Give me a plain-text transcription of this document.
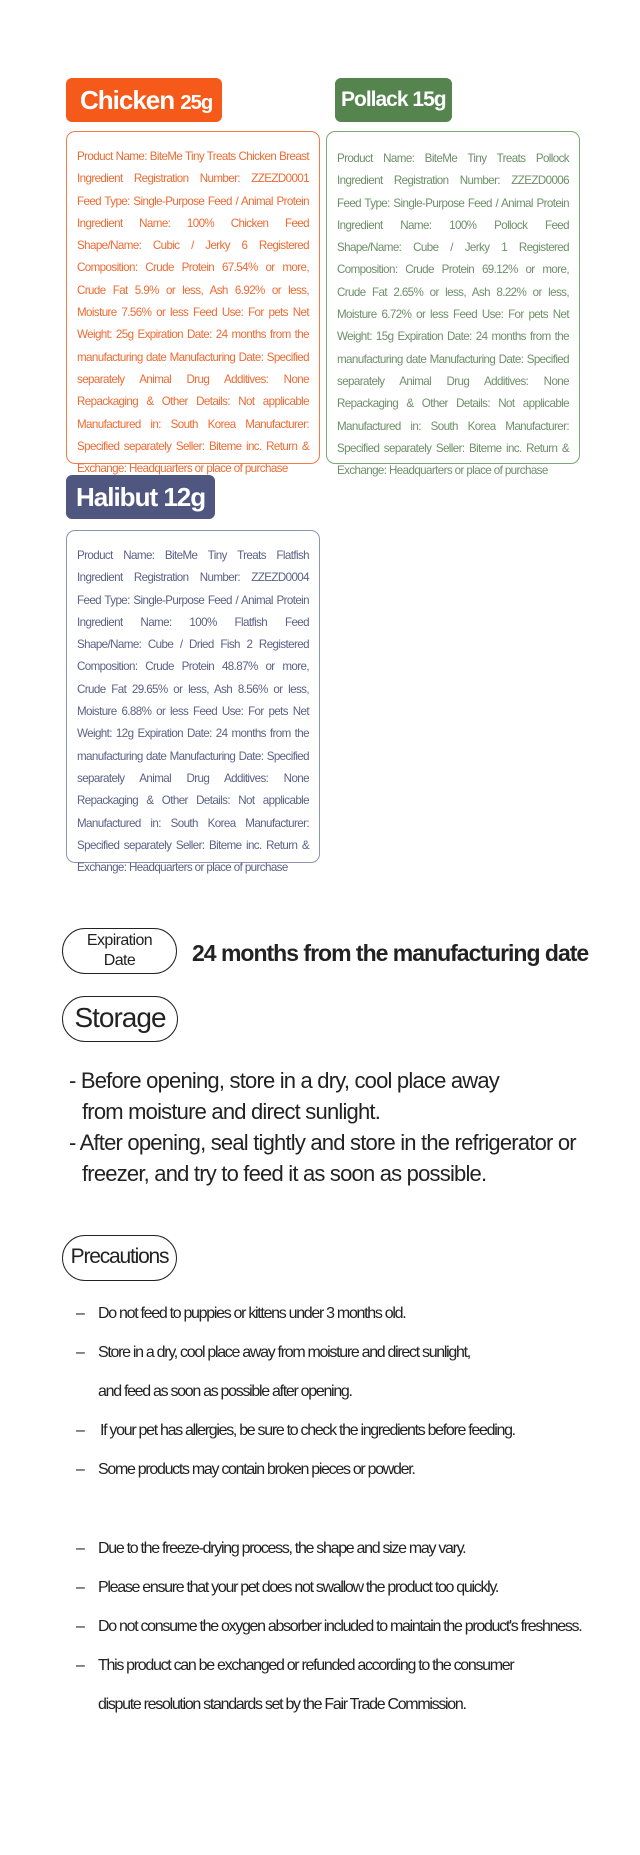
Chicken 25g	Pollack 15g
Halibut 12g

Product Name: BiteMe Tiny Treats Chicken Breast Ingredient Registration Number: ZZEZD0001 Feed Type: Single-Purpose Feed / Animal Protein Ingredient Name: 100% Chicken Feed Shape/Name: Cubic / Jerky 6 Registered Composition: Crude Protein 67.54% or more, Crude Fat 5.9% or less, Ash 6.92% or less, Moisture 7.56% or less Feed Use: For pets Net Weight: 25g Expiration Date: 24 months from the manufacturing date Manufacturing Date: Specified separately Animal Drug Additives: None Repackaging & Other Details: Not applicable Manufactured in: South Korea Manufacturer: Specified separately Seller: Biteme inc. Return & Exchange: Headquarters or place of purchase

Product Name: BiteMe Tiny Treats Pollock Ingredient Registration Number: ZZEZD0006 Feed Type: Single-Purpose Feed / Animal Protein Ingredient Name: 100% Pollock Feed Shape/Name: Cube / Jerky 1 Registered Composition: Crude Protein 69.12% or more, Crude Fat 2.65% or less, Ash 8.22% or less, Moisture 6.72% or less Feed Use: For pets Net Weight: 15g Expiration Date: 24 months from the manufacturing date Manufacturing Date: Specified separately Animal Drug Additives: None Repackaging & Other Details: Not applicable Manufactured in: South Korea Manufacturer: Specified separately Seller: Biteme inc. Return & Exchange: Headquarters or place of purchase

Product Name: BiteMe Tiny Treats Flatfish Ingredient Registration Number: ZZEZD0004 Feed Type: Single-Purpose Feed / Animal Protein Ingredient Name: 100% Flatfish Feed Shape/Name: Cube / Dried Fish 2 Registered Composition: Crude Protein 48.87% or more, Crude Fat 29.65% or less, Ash 8.56% or less, Moisture 6.88% or less Feed Use: For pets Net Weight: 12g Expiration Date: 24 months from the manufacturing date Manufacturing Date: Specified separately Animal Drug Additives: None Repackaging & Other Details: Not applicable Manufactured in: South Korea Manufacturer: Specified separately Seller: Biteme inc. Return & Exchange: Headquarters or place of purchase

Expiration
Date	24 months from the manufacturing date
Storage
- Before opening, store in a dry, cool place away
from moisture and direct sunlight.
- After opening, seal tightly and store in the refrigerator or
freezer, and try to feed it as soon as possible.
Precautions
– Do not feed to puppies or kittens under 3 months old.
– Store in a dry, cool place away from moisture and direct sunlight,
and feed as soon as possible after opening.
– If your pet has allergies, be sure to check the ingredients before feeding.
– Some products may contain broken pieces or powder.
– Due to the freeze-drying process, the shape and size may vary.
– Please ensure that your pet does not swallow the product too quickly.
– Do not consume the oxygen absorber included to maintain the product's freshness.
– This product can be exchanged or refunded according to the consumer
dispute resolution standards set by the Fair Trade Commission.
